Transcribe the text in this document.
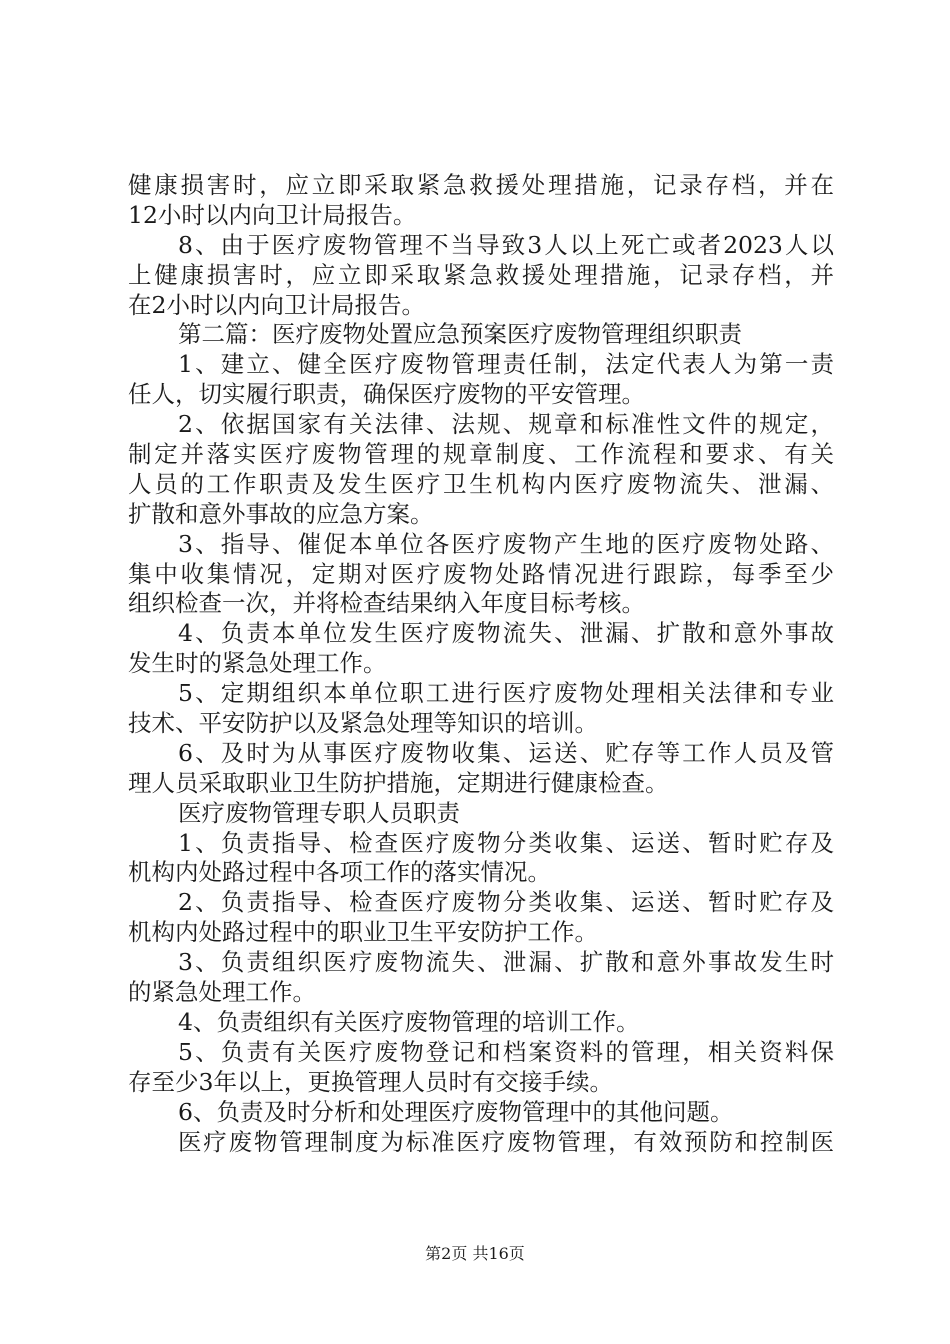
健康损害时，应立即采取紧急救援处理措施，记录存档，并在
12小时以内向卫计局报告。
8、由于医疗废物管理不当导致3人以上死亡或者2023人以
上健康损害时，应立即采取紧急救援处理措施，记录存档，并
在2小时以内向卫计局报告。
第二篇：医疗废物处置应急预案医疗废物管理组织职责
1、建立、健全医疗废物管理责任制，法定代表人为第一责
任人，切实履行职责，确保医疗废物的平安管理。
2、依据国家有关法律、法规、规章和标准性文件的规定，
制定并落实医疗废物管理的规章制度、工作流程和要求、有关
人员的工作职责及发生医疗卫生机构内医疗废物流失、泄漏、
扩散和意外事故的应急方案。
3、指导、催促本单位各医疗废物产生地的医疗废物处路、
集中收集情况，定期对医疗废物处路情况进行跟踪，每季至少
组织检查一次，并将检查结果纳入年度目标考核。
4、负责本单位发生医疗废物流失、泄漏、扩散和意外事故
发生时的紧急处理工作。
5、定期组织本单位职工进行医疗废物处理相关法律和专业
技术、平安防护以及紧急处理等知识的培训。
6、及时为从事医疗废物收集、运送、贮存等工作人员及管
理人员采取职业卫生防护措施，定期进行健康检查。
医疗废物管理专职人员职责
1、负责指导、检查医疗废物分类收集、运送、暂时贮存及
机构内处路过程中各项工作的落实情况。
2、负责指导、检查医疗废物分类收集、运送、暂时贮存及
机构内处路过程中的职业卫生平安防护工作。
3、负责组织医疗废物流失、泄漏、扩散和意外事故发生时
的紧急处理工作。
4、负责组织有关医疗废物管理的培训工作。
5、负责有关医疗废物登记和档案资料的管理，相关资料保
存至少3年以上，更换管理人员时有交接手续。
6、负责及时分析和处理医疗废物管理中的其他问题。
医疗废物管理制度为标准医疗废物管理，有效预防和控制医
第2页 共16页
